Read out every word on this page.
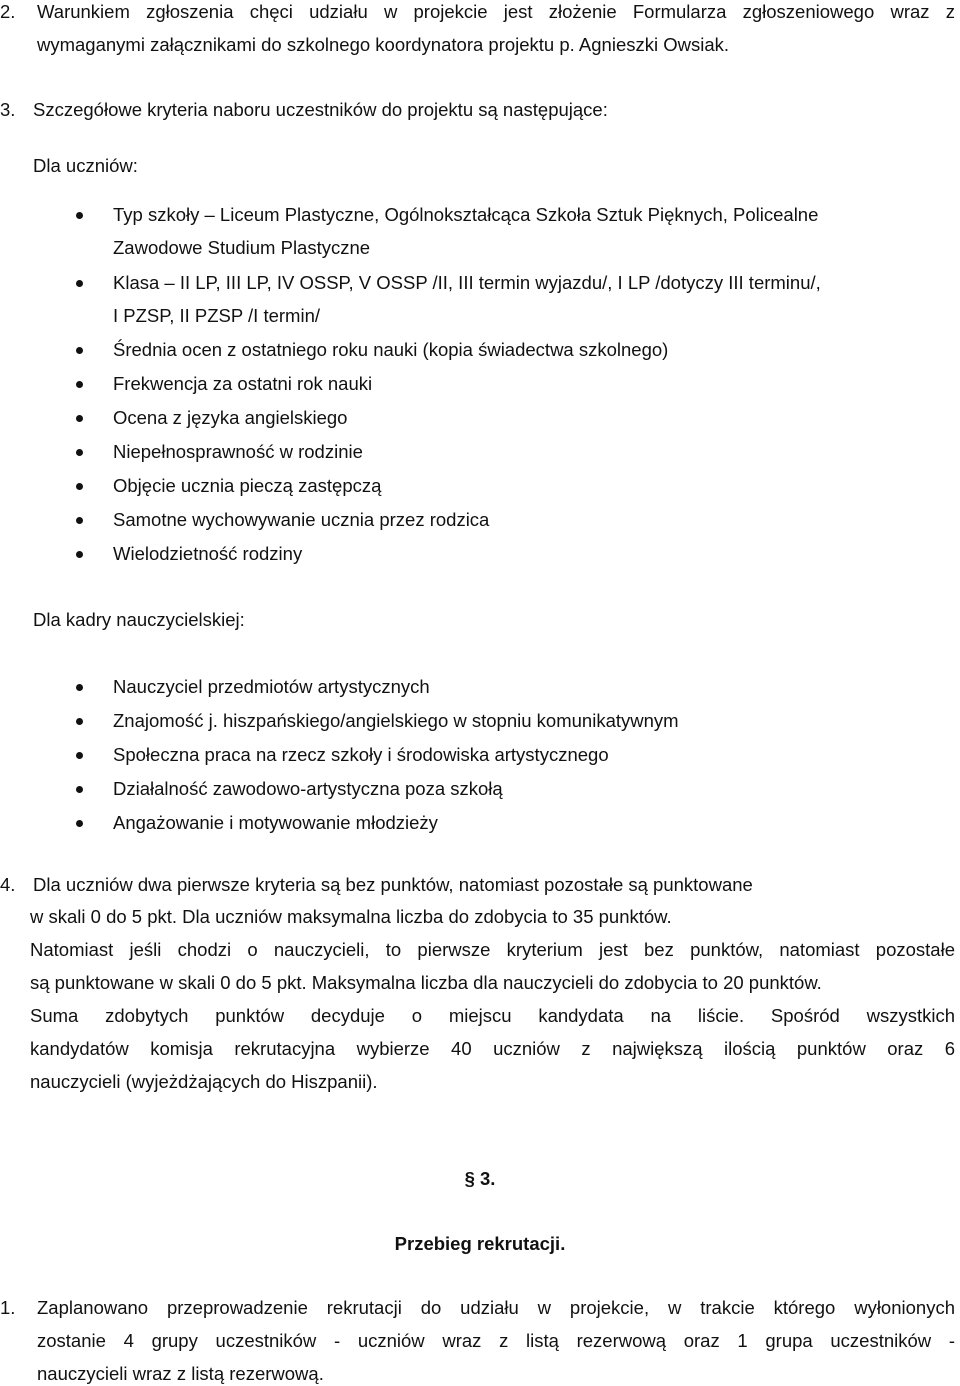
2. Warunkiem zgłoszenia chęci udziału w projekcie jest złożenie Formularza zgłoszeniowego wraz z
wymaganymi załącznikami do szkolnego koordynatora projektu p. Agnieszki Owsiak.
3. Szczegółowe kryteria naboru uczestników do projektu są następujące:
Dla uczniów:
Typ szkoły – Liceum Plastyczne, Ogólnokształcąca Szkoła Sztuk Pięknych, Policealne
Zawodowe Studium Plastyczne
Klasa – II LP, III LP, IV OSSP, V OSSP /II, III termin wyjazdu/, I LP /dotyczy III terminu/,
I PZSP, II PZSP /I termin/
Średnia ocen z ostatniego roku nauki (kopia świadectwa szkolnego)
Frekwencja za ostatni rok nauki
Ocena z języka angielskiego
Niepełnosprawność w rodzinie
Objęcie ucznia pieczą zastępczą
Samotne wychowywanie ucznia przez rodzica
Wielodzietność rodziny
Dla kadry nauczycielskiej:
Nauczyciel przedmiotów artystycznych
Znajomość j. hiszpańskiego/angielskiego w stopniu komunikatywnym
Społeczna praca na rzecz szkoły i środowiska artystycznego
Działalność zawodowo-artystyczna poza szkołą
Angażowanie i motywowanie młodzieży
4. Dla uczniów dwa pierwsze kryteria są bez punktów, natomiast pozostałe są punktowane
w skali 0 do 5 pkt. Dla uczniów maksymalna liczba do zdobycia to 35 punktów.
Natomiast jeśli chodzi o nauczycieli, to pierwsze kryterium jest bez punktów, natomiast pozostałe
są punktowane w skali 0 do 5 pkt. Maksymalna liczba dla nauczycieli do zdobycia to 20 punktów.
Suma zdobytych punktów decyduje o miejscu kandydata na liście. Spośród wszystkich
kandydatów komisja rekrutacyjna wybierze 40 uczniów z największą ilością punktów oraz 6
nauczycieli (wyjeżdżających do Hiszpanii).
§ 3.
Przebieg rekrutacji.
1. Zaplanowano przeprowadzenie rekrutacji do udziału w projekcie, w trakcie którego wyłonionych
zostanie 4 grupy uczestników - uczniów wraz z listą rezerwową oraz 1 grupa uczestników -
nauczycieli wraz z listą rezerwową.
